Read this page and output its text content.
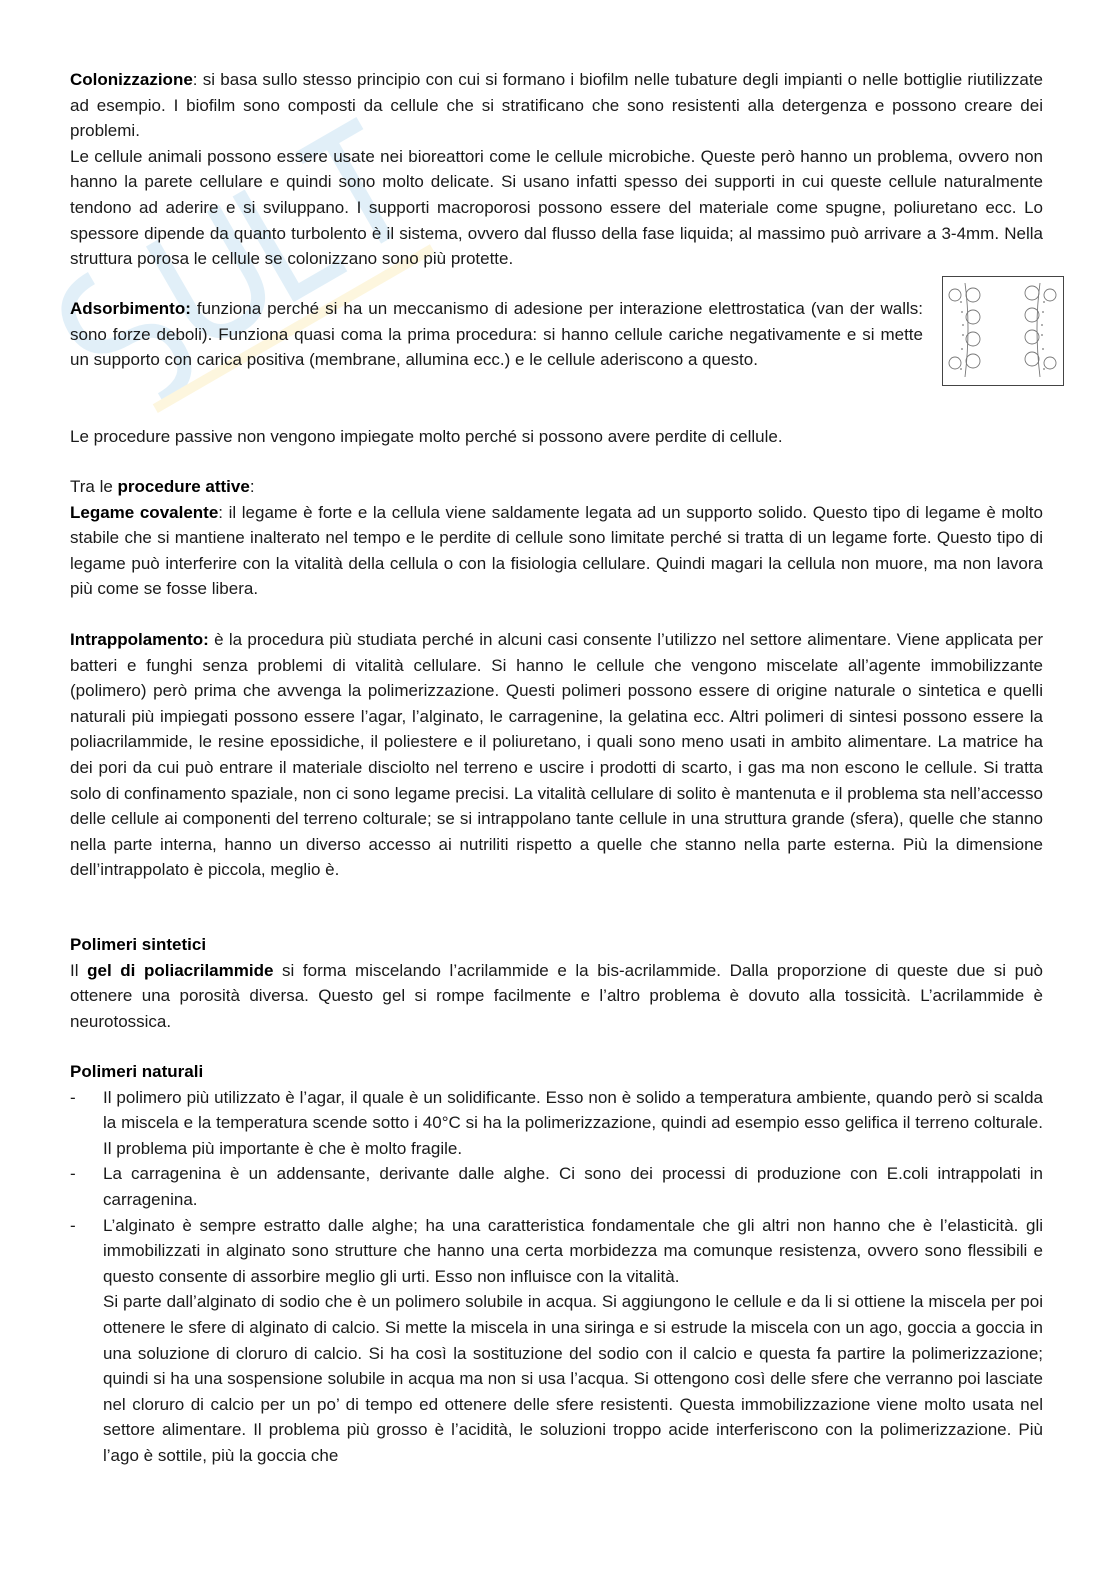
Colonizzazione: si basa sullo stesso principio con cui si formano i biofilm nelle tubature degli impianti o nelle bottiglie riutilizzate ad esempio. I biofilm sono composti da cellule che si stratificano che sono resistenti alla detergenza e possono creare dei problemi.

Le cellule animali possono essere usate nei bioreattori come le cellule microbiche. Queste però hanno un problema, ovvero non hanno la parete cellulare e quindi sono molto delicate. Si usano infatti spesso dei supporti in cui queste cellule naturalmente tendono ad aderire e si sviluppano. I supporti macroporosi possono essere del materiale come spugne, poliuretano ecc. Lo spessore dipende da quanto turbolento è il sistema, ovvero dal flusso della fase liquida; al massimo può arrivare a 3-4mm. Nella struttura porosa le cellule se colonizzano sono più protette.

Adsorbimento: funziona perché si ha un meccanismo di adesione per interazione elettrostatica (van der walls: sono forze deboli). Funziona quasi coma la prima procedura: si hanno cellule cariche negativamente e si mette un supporto con carica positiva (membrane, allumina ecc.) e le cellule aderiscono a questo.

Le procedure passive non vengono impiegate molto perché si possono avere perdite di cellule.

Tra le procedure attive:

Legame covalente: il legame è forte e la cellula viene saldamente legata ad un supporto solido. Questo tipo di legame è molto stabile che si mantiene inalterato nel tempo e le perdite di cellule sono limitate perché si tratta di un legame forte. Questo tipo di legame può interferire con la vitalità della cellula o con la fisiologia cellulare. Quindi magari la cellula non muore, ma non lavora più come se fosse libera.

Intrappolamento: è la procedura più studiata perché in alcuni casi consente l’utilizzo nel settore alimentare. Viene applicata per batteri e funghi senza problemi di vitalità cellulare. Si hanno le cellule che vengono miscelate all’agente immobilizzante (polimero) però prima che avvenga la polimerizzazione. Questi polimeri possono essere di origine naturale o sintetica e quelli naturali più impiegati possono essere l’agar, l’alginato, le carragenine, la gelatina ecc. Altri polimeri di sintesi possono essere la poliacrilammide, le resine epossidiche, il poliestere e il poliuretano, i quali sono meno usati in ambito alimentare. La matrice ha dei pori da cui può entrare il materiale disciolto nel terreno e uscire i prodotti di scarto, i gas ma non escono le cellule. Si tratta solo di confinamento spaziale, non ci sono legame precisi. La vitalità cellulare di solito è mantenuta e il problema sta nell’accesso delle cellule ai componenti del terreno colturale; se si intrappolano tante cellule in una struttura grande (sfera), quelle che stanno nella parte interna, hanno un diverso accesso ai nutriliti rispetto a quelle che stanno nella parte esterna. Più la dimensione dell’intrappolato è piccola, meglio è.

Polimeri sintetici

Il gel di poliacrilammide si forma miscelando l’acrilammide e la bis-acrilammide. Dalla proporzione di queste due si può ottenere una porosità diversa. Questo gel si rompe facilmente e l’altro problema è dovuto alla tossicità. L’acrilammide è neurotossica.

Polimeri naturali

- Il polimero più utilizzato è l’agar, il quale è un solidificante. Esso non è solido a temperatura ambiente, quando però si scalda la miscela e la temperatura scende sotto i 40°C si ha la polimerizzazione, quindi ad esempio esso gelifica il terreno colturale. Il problema più importante è che è molto fragile.
- La carragenina è un addensante, derivante dalle alghe. Ci sono dei processi di produzione con E.coli intrappolati in carragenina.
- L’alginato è sempre estratto dalle alghe; ha una caratteristica fondamentale che gli altri non hanno che è l’elasticità. gli immobilizzati in alginato sono strutture che hanno una certa morbidezza ma comunque resistenza, ovvero sono flessibili e questo consente di assorbire meglio gli urti. Esso non influisce con la vitalità.
Si parte dall’alginato di sodio che è un polimero solubile in acqua. Si aggiungono le cellule e da li si ottiene la miscela per poi ottenere le sfere di alginato di calcio. Si mette la miscela in una siringa e si estrude la miscela con un ago, goccia a goccia in una soluzione di cloruro di calcio. Si ha così la sostituzione del sodio con il calcio e questa fa partire la polimerizzazione; quindi si ha una sospensione solubile in acqua ma non si usa l’acqua. Si ottengono così delle sfere che verranno poi lasciate nel cloruro di calcio per un po’ di tempo ed ottenere delle sfere resistenti. Questa immobilizzazione viene molto usata nel settore alimentare. Il problema più grosso è l’acidità, le soluzioni troppo acide interferiscono con la polimerizzazione. Più l’ago è sottile, più la goccia che
